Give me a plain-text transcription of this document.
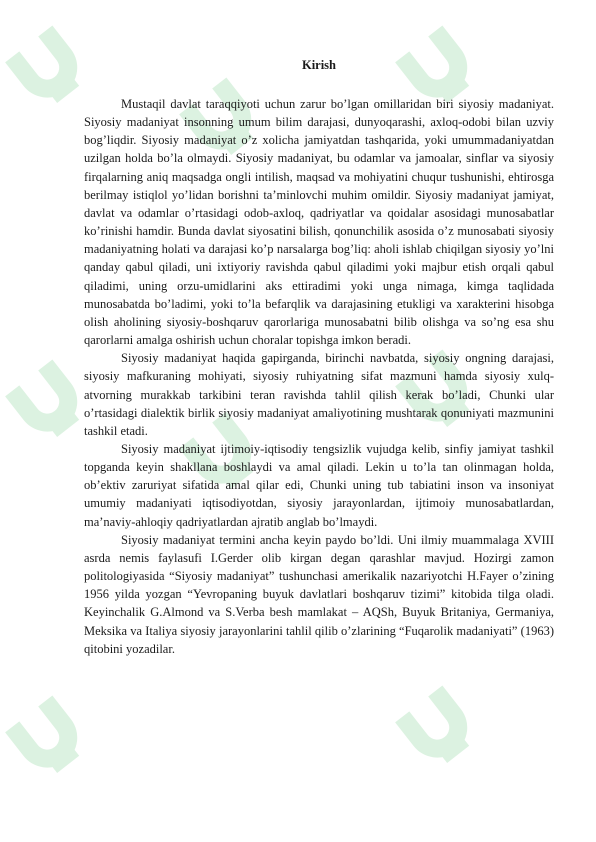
Kirish

Mustaqil davlat taraqqiyoti uchun zarur bo’lgan omillaridan biri siyosiy madaniyat. Siyosiy madaniyat insonning umum bilim darajasi, dunyoqarashi, axloq-odobi bilan uzviy bog’liqdir. Siyosiy madaniyat o’z xolicha jamiyatdan tashqarida, yoki umummadaniyatdan uzilgan holda bo’la olmaydi. Siyosiy madaniyat, bu odamlar va jamoalar, sinflar va siyosiy firqalarning aniq maqsadga ongli intilish, maqsad va mohiyatini chuqur tushunishi, ehtirosga berilmay istiqlol yo’lidan borishni ta’minlovchi muhim omildir. Siyosiy madaniyat jamiyat, davlat va odamlar o’rtasidagi odob-axloq, qadriyatlar va qoidalar asosidagi munosabatlar ko’rinishi hamdir. Bunda davlat siyosatini bilish, qonunchilik asosida o’z munosabati siyosiy madaniyatning holati va darajasi ko’p narsalarga bog’liq: aholi ishlab chiqilgan siyosiy yo’lni qanday qabul qiladi, uni ixtiyoriy ravishda qabul qiladimi yoki majbur etish orqali qabul qiladimi, uning orzu-umidlarini aks ettiradimi yoki unga nimaga, kimga taqlidada munosabatda bo’ladimi, yoki to’la befarqlik va darajasining etukligi va xarakterini hisobga olish aholining siyosiy-boshqaruv qarorlariga munosabatni bilib olishga va so’ng esa shu qarorlarni amalga oshirish uchun choralar topishga imkon beradi.

Siyosiy madaniyat haqida gapirganda, birinchi navbatda, siyosiy ongning darajasi, siyosiy mafkuraning mohiyati, siyosiy ruhiyatning sifat mazmuni hamda siyosiy xulq-atvorning murakkab tarkibini teran ravishda tahlil qilish kerak bo’ladi, Chunki ular o’rtasidagi dialektik birlik siyosiy madaniyat amaliyotining mushtarak qonuniyati mazmunini tashkil etadi.

Siyosiy madaniyat ijtimoiy-iqtisodiy tengsizlik vujudga kelib, sinfiy jamiyat tashkil topganda keyin shakllana boshlaydi va amal qiladi. Lekin u to’la tan olinmagan holda, ob’ektiv zaruriyat sifatida amal qilar edi, Chunki uning tub tabiatini inson va insoniyat umumiy madaniyati iqtisodiyotdan, siyosiy jarayonlardan, ijtimoiy munosabatlardan, ma’naviy-ahloqiy qadriyatlardan ajratib anglab bo’lmaydi.

Siyosiy madaniyat termini ancha keyin paydo bo’ldi. Uni ilmiy muammalaga XVIII asrda nemis faylasufi I.Gerder olib kirgan degan qarashlar mavjud. Hozirgi zamon politologiyasida “Siyosiy madaniyat” tushunchasi amerikalik nazariyotchi H.Fayer o’zining 1956 yilda yozgan “Yevropaning buyuk davlatlari boshqaruv tizimi” kitobida tilga oladi. Keyinchalik G.Almond va S.Verba besh mamlakat – AQSh, Buyuk Britaniya, Germaniya, Meksika va Italiya siyosiy jarayonlarini tahlil qilib o’zlarining “Fuqarolik madaniyati” (1963) qitobini yozadilar.
